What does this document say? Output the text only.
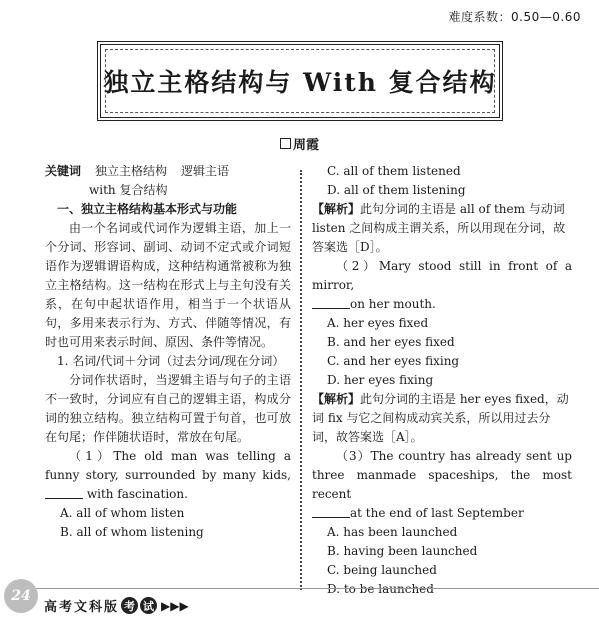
难度系数：0.50—0.60
独立主格结构与 With 复合结构
周霞

关键词 独立主格结构 逻辑主语

with 复合结构

一、独立主格结构基本形式与功能

由一个名词或代词作为逻辑主语，加上一个分词、形容词、副词、动词不定式或介词短语作为逻辑谓语构成，这种结构通常被称为独立主格结构。这一结构在形式上与主句没有关系，在句中起状语作用，相当于一个状语从句，多用来表示行为、方式、伴随等情况，有时也可用来表示时间、原因、条件等情况。

1. 名词/代词＋分词（过去分词/现在分词）

分词作状语时，当逻辑主语与句子的主语不一致时，分词应有自己的逻辑主语，构成分词的独立结构。独立结构可置于句首，也可放在句尾；作伴随状语时，常放在句尾。

（1）The old man was telling a funny story, surrounded by many kids,  with fascination.

A. all of whom listen

B. all of whom listening

C. all of them listened

D. all of them listening

【解析】此句分词的主语是 all of them 与动词 listen 之间构成主谓关系，所以用现在分词，故答案选［D］。

（2）Mary stood still in front of a mirror,

on her mouth.

A. her eyes fixed

B. and her eyes fixed

C. and her eyes fixing

D. her eyes fixing

【解析】此句分词的主语是 her eyes fixed，动词 fix 与它之间构成动宾关系，所以用过去分词，故答案选［A］。

（3）The country has already sent up three manmade spaceships, the most recent

at the end of last September

A. has been launched

B. having been launched

C. being launched

D. to be launched

24
高考文科版 考 试 ▶▶▶
